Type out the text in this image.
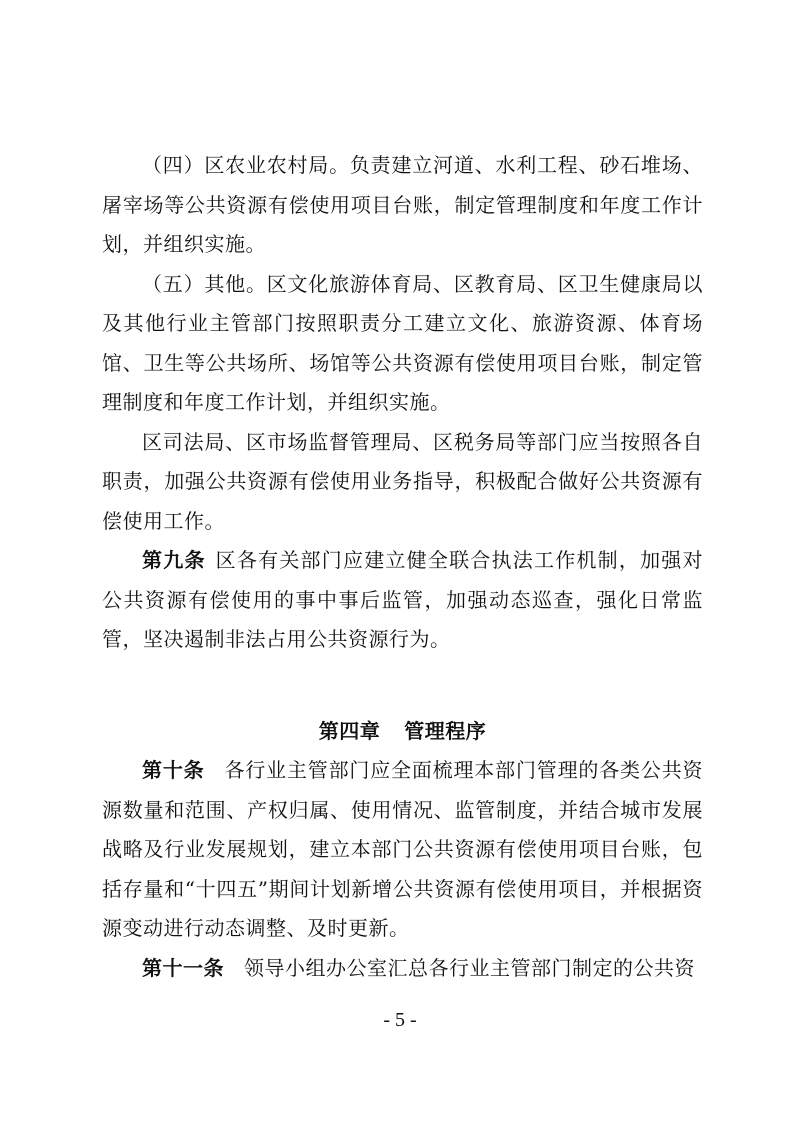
（四）区农业农村局。负责建立河道、水利工程、砂石堆场、屠宰场等公共资源有偿使用项目台账，制定管理制度和年度工作计划，并组织实施。

（五）其他。区文化旅游体育局、区教育局、区卫生健康局以及其他行业主管部门按照职责分工建立文化、旅游资源、体育场馆、卫生等公共场所、场馆等公共资源有偿使用项目台账，制定管理制度和年度工作计划，并组织实施。

区司法局、区市场监督管理局、区税务局等部门应当按照各自职责，加强公共资源有偿使用业务指导，积极配合做好公共资源有偿使用工作。

第九条 区各有关部门应建立健全联合执法工作机制，加强对公共资源有偿使用的事中事后监管，加强动态巡查，强化日常监管，坚决遏制非法占用公共资源行为。

第四章 管理程序

第十条 各行业主管部门应全面梳理本部门管理的各类公共资源数量和范围、产权归属、使用情况、监管制度，并结合城市发展战略及行业发展规划，建立本部门公共资源有偿使用项目台账，包括存量和“十四五”期间计划新增公共资源有偿使用项目，并根据资源变动进行动态调整、及时更新。

第十一条 领导小组办公室汇总各行业主管部门制定的公共资

- 5 -
